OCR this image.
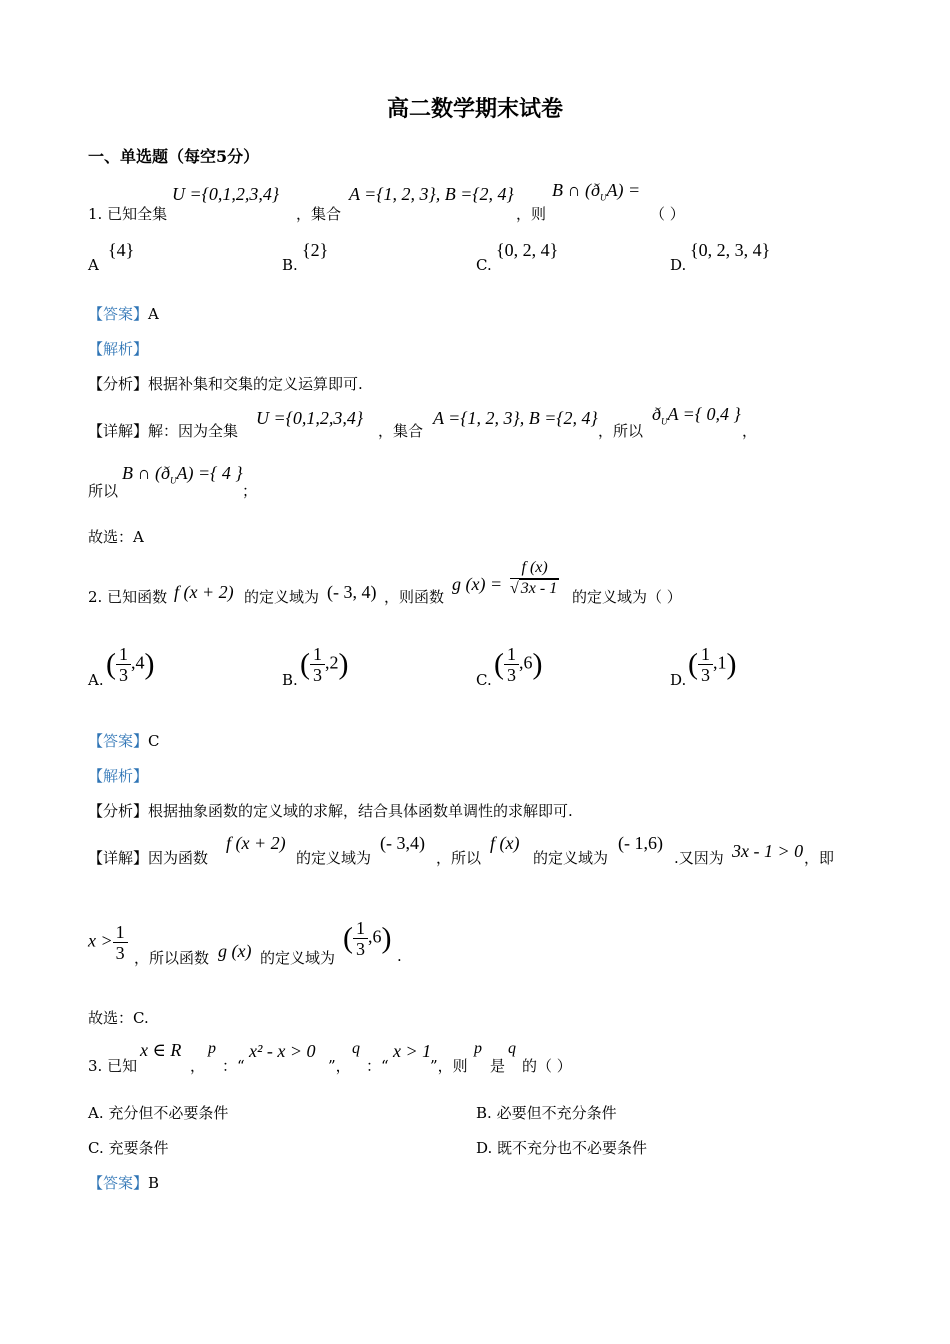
高二数学期末试卷
一、单选题（每空5分）
1. 已知全集
U ={0,1,2,3,4}
，集合
A ={1, 2, 3}, B ={2, 4}
，则
B ∩ $(ð_UA)$ =
（ ）
A
{4}
B.
{2}
C.
{0, 2, 4}
D.
{0, 2, 3, 4}
【答案】A
【解析】
【分析】根据补集和交集的定义运算即可.
【详解】解：因为全集
U ={0,1,2,3,4}
，集合
A ={1, 2, 3}, B ={2, 4}
，所以
$ð_UA$ ={ 0,4 }
，
所以
B ∩ $(ð_UA)$ ={ 4 }
；
故选：A
2. 已知函数 f (x + 2) 的定义域为 (- 3, 4) ，则函数
g $(x) = \frac{f (x)}{√ 3x - 1}$ 的定义域为（ ）
A. ( $\frac{1}{3} ,4$)	B. ( $\frac{1}{3} ,2$)	C. ( $\frac{1}{3} ,6$)	D. ( $\frac{1}{3} ,1$)
【答案】C
【解析】
【分析】根据抽象函数的定义域的求解，结合具体函数单调性的求解即可.
【详解】因为函数
f (x + 2)
的定义域为
(- 3,4)
，所以
f (x)
的定义域为
(- 1,6)
.又因为 3x - 1 > 0 ，即
$x > \frac{1}{3}$ ，所以函数 g (x) 的定义域为
( $\frac{1}{3} ,6$)
.
故选：C.
3. 已知
x ∈ R
，
p
：“
x² - x > 0
”，
q
：“
x > 1
”，则
p
是
q
的（ ）
A. 充分但不必要条件	B. 必要但不充分条件
C. 充要条件	D. 既不充分也不必要条件
【答案】B
